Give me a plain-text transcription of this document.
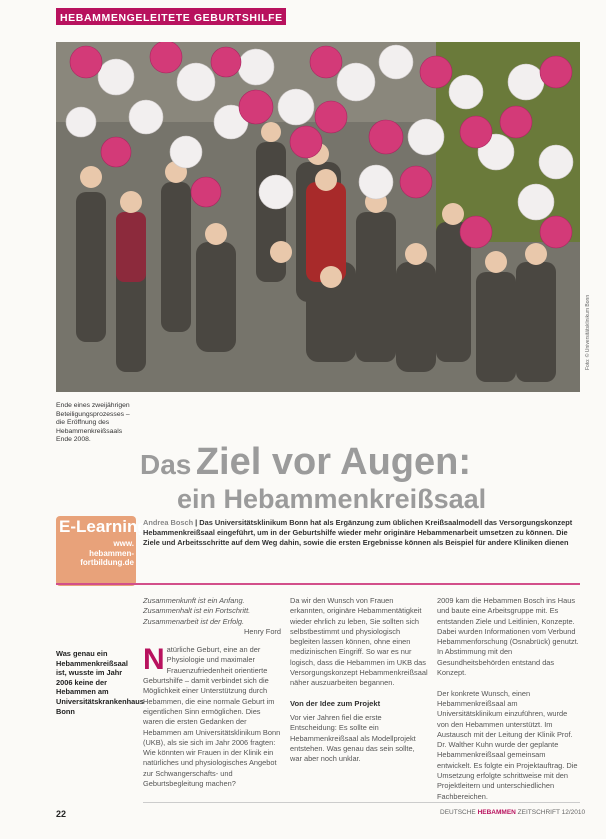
HEBAMMENGELEITETE GEBURTSHILFE
Foto: © Universitätsklinikum Bonn
Ende eines zweijährigen Beteiligungsprozesses – die Eröffnung des Hebammenkreißsaals Ende 2008.
Das Ziel vor Augen:
ein Hebammenkreißsaal
E-Learning:
www.
hebammen-
fortbildung.de
Andrea Bosch | Das Universitätsklinikum Bonn hat als Ergänzung zum üblichen Kreißsaalmodell das Versorgungskonzept Hebammenkreißsaal eingeführt, um in der Geburtshilfe wieder mehr originäre Hebammenarbeit umsetzen zu können. Die Ziele und Arbeitsschritte auf dem Weg dahin, sowie die ersten Ergebnisse können als Beispiel für andere Kliniken dienen
Was genau ein Hebammenkreißsaal ist, wusste im Jahr 2006 keine der Hebammen am Universitätskrankenhaus Bonn
Zusammenkunft ist ein Anfang. Zusammenhalt ist ein Fortschritt. Zusammenarbeit ist der Erfolg.
Henry Ford
N atürliche Geburt, eine an der Physiologie und maximaler Frauenzufriedenheit orientierte Geburtshilfe – damit verbindet sich die Möglichkeit einer Unterstützung durch Hebammen, die eine normale Geburt im eigentlichen Sinn ermöglichen. Dies waren die ersten Gedanken der Hebammen am Universitätsklinikum Bonn (UKB), als sie sich im Jahr 2006 fragten: Wie könnten wir Frauen in der Klinik ein natürliches und physiologisches Angebot zur Schwangerschafts- und Geburtsbegleitung machen?
Da wir den Wunsch von Frauen erkannten, originäre Hebammentätigkeit wieder ehrlich zu leben, Sie sollten sich selbstbestimmt und physiologisch begleiten lassen können, ohne einen medizinischen Eingriff. So war es nur logisch, dass die Hebammen im UKB das Versorgungskonzept Hebammenkreißsaal näher auszuarbeiten begannen.
Von der Idee zum Projekt
Vor vier Jahren fiel die erste Entscheidung: Es sollte ein Hebammenkreißsaal als Modellprojekt entstehen. Was genau das sein sollte, war aber noch unklar.
2009 kam die Hebammen Bosch ins Haus und baute eine Arbeitsgruppe mit. Es entstanden Ziele und Leitlinien, Konzepte. Dabei wurden Informationen vom Verbund Hebammenforschung (Osnabrück) genutzt. In Abstimmung mit den Gesundheitsbehörden entstand das Konzept.

Der konkrete Wunsch, einen Hebammenkreißsaal am Universitätsklinikum einzuführen, wurde von den Hebammen unterstützt. Im Austausch mit der Leitung der Klinik Prof. Dr. Walther Kuhn wurde der geplante Hebammenkreißsaal gemeinsam entwickelt. Es folgte ein Projektauftrag. Die Umsetzung erfolgte schrittweise mit den Projektleitern und unterschiedlichen Fachbereichen.
22	DEUTSCHE HEBAMMEN ZEITSCHRIFT 12/2010
